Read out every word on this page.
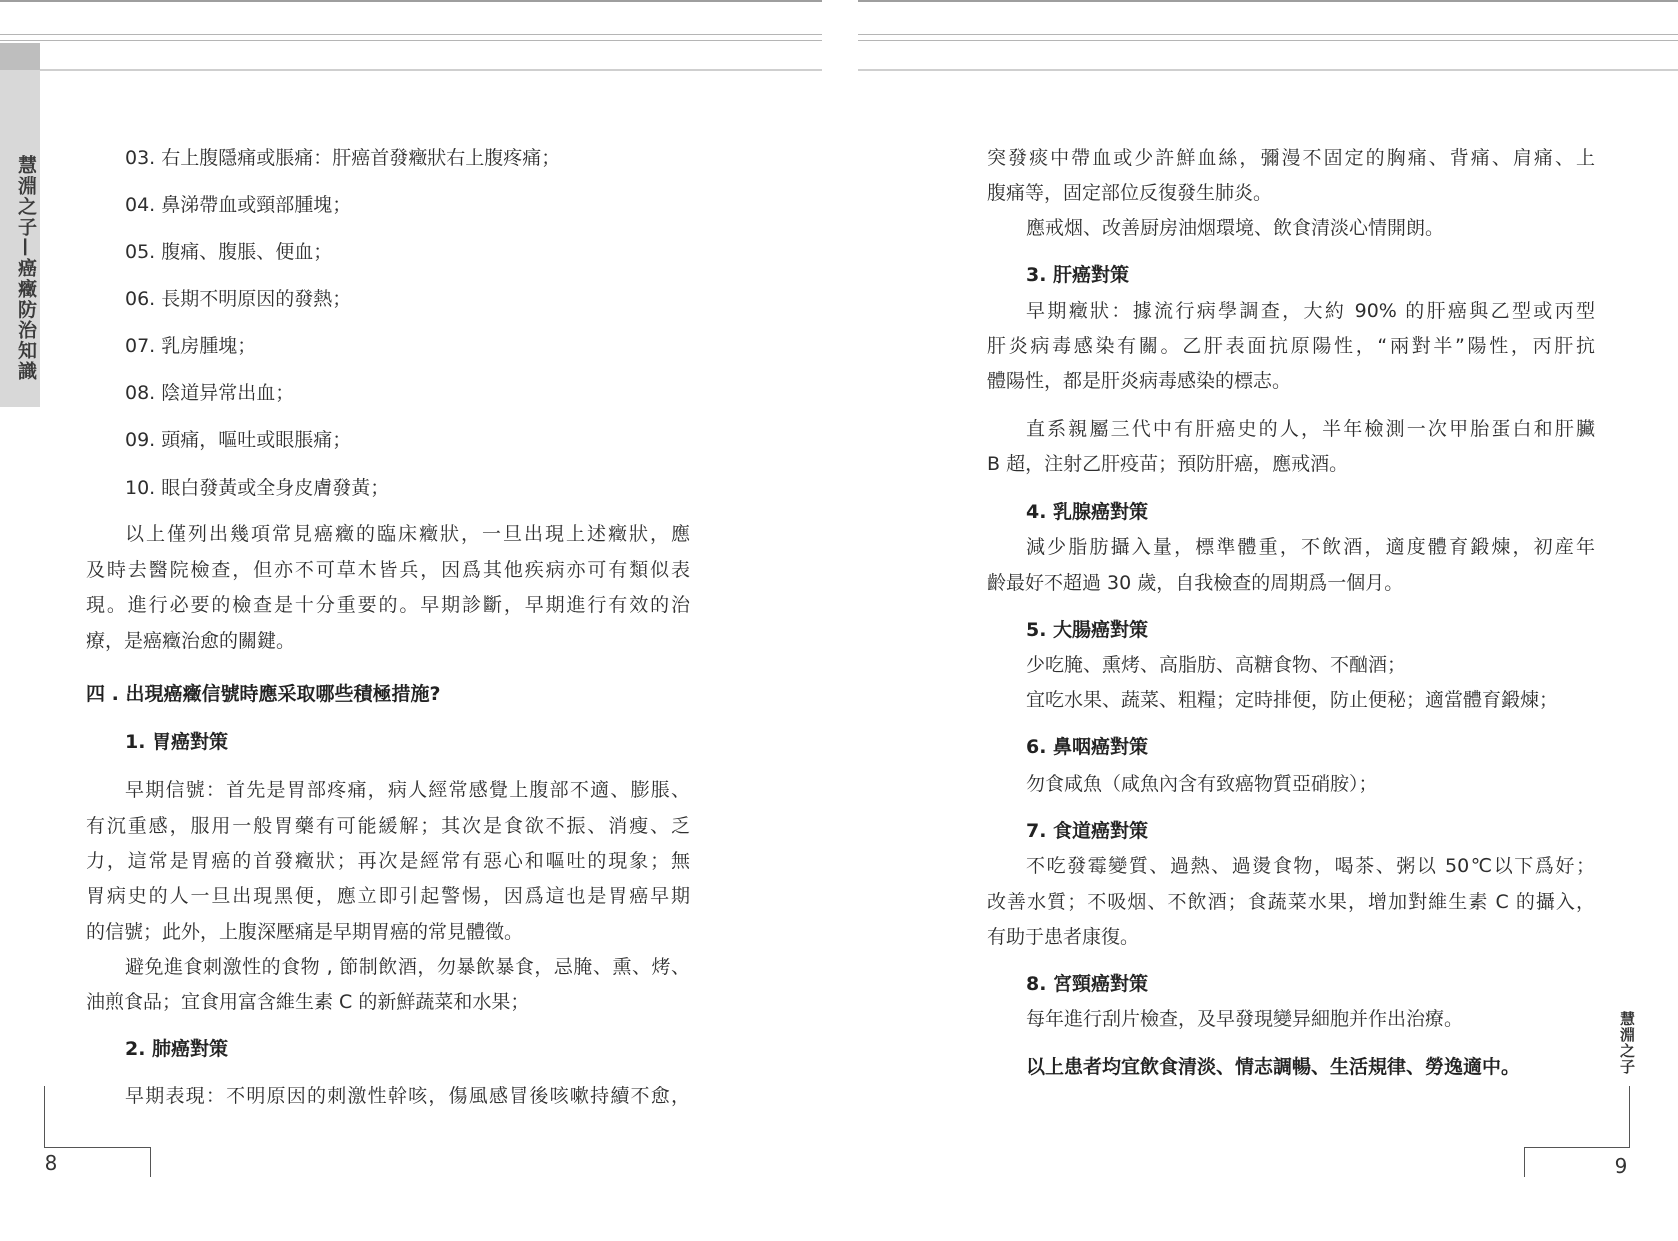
慧淵之子—癌癥防治知識	03. 右上腹隱痛或脹痛：肝癌首發癥狀右上腹疼痛；
04. 鼻涕帶血或頸部腫塊；
05. 腹痛、腹脹、便血；
06. 長期不明原因的發熱；
07. 乳房腫塊；
08. 陰道异常出血；
09. 頭痛，嘔吐或眼脹痛；
10. 眼白發黃或全身皮膚發黃；
以上僅列出幾項常見癌癥的臨床癥狀，一旦出現上述癥狀，應
及時去醫院檢查，但亦不可草木皆兵，因爲其他疾病亦可有類似表
現。進行必要的檢查是十分重要的。早期診斷，早期進行有效的治
療，是癌癥治愈的關鍵。
四 . 出現癌癥信號時應采取哪些積極措施?
1. 胃癌對策
早期信號：首先是胃部疼痛，病人經常感覺上腹部不適、膨脹、
有沉重感，服用一般胃藥有可能緩解；其次是食欲不振、消瘦、乏
力，這常是胃癌的首發癥狀；再次是經常有惡心和嘔吐的現象；無
胃病史的人一旦出現黑便，應立即引起警惕，因爲這也是胃癌早期
的信號；此外，上腹深壓痛是早期胃癌的常見體徵。
避免進食刺激性的食物 , 節制飲酒，勿暴飲暴食，忌腌、熏、烤、
油煎食品；宜食用富含維生素 C 的新鮮蔬菜和水果；
2. 肺癌對策
早期表現：不明原因的刺激性幹咳，傷風感冒後咳嗽持續不愈，
8
突發痰中帶血或少許鮮血絲，彌漫不固定的胸痛、背痛、肩痛、上
腹痛等，固定部位反復發生肺炎。
應戒烟、改善厨房油烟環境、飲食清淡心情開朗。
3. 肝癌對策
早期癥狀：據流行病學調查，大約 90% 的肝癌與乙型或丙型
肝炎病毒感染有關。乙肝表面抗原陽性，“兩對半”陽性，丙肝抗
體陽性，都是肝炎病毒感染的標志。
直系親屬三代中有肝癌史的人，半年檢測一次甲胎蛋白和肝臟
B 超，注射乙肝疫苗；預防肝癌，應戒酒。
4. 乳腺癌對策
減少脂肪攝入量，標準體重，不飲酒，適度體育鍛煉，初産年
齡最好不超過 30 歲，自我檢查的周期爲一個月。
5. 大腸癌對策
少吃腌、熏烤、高脂肪、高糖食物、不酗酒；
宜吃水果、蔬菜、粗糧；定時排便，防止便秘；適當體育鍛煉；
6. 鼻咽癌對策
勿食咸魚（咸魚內含有致癌物質亞硝胺）；
7. 食道癌對策
不吃發霉變質、過熱、過燙食物，喝茶、粥以 50℃以下爲好；
改善水質；不吸烟、不飲酒；食蔬菜水果，增加對維生素 C 的攝入，
有助于患者康復。
8. 宮頸癌對策
每年進行刮片檢查，及早發現變异細胞并作出治療。
以上患者均宜飲食清淡、情志調暢、生活規律、勞逸適中。	慧淵之子
9
